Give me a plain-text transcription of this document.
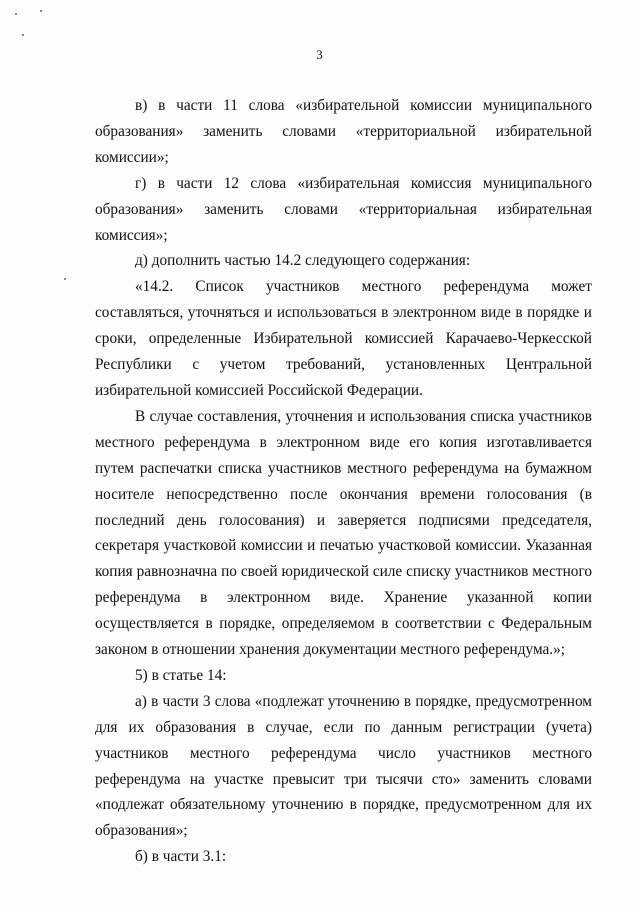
3

в) в части 11 слова «избирательной комиссии муниципального образования» заменить словами «территориальной избирательной комиссии»;

г) в части 12 слова «избирательная комиссия муниципального образования» заменить словами «территориальная избирательная комиссия»;

д) дополнить частью 14.2 следующего содержания:

«14.2. Список участников местного референдума может составляться, уточняться и использоваться в электронном виде в порядке и сроки, определенные Избирательной комиссией Карачаево-Черкесской Республики с учетом требований, установленных Центральной избирательной комиссией Российской Федерации.

В случае составления, уточнения и использования списка участников местного референдума в электронном виде его копия изготавливается путем распечатки списка участников местного референдума на бумажном носителе непосредственно после окончания времени голосования (в последний день голосования) и заверяется подписями председателя, секретаря участковой комиссии и печатью участковой комиссии. Указанная копия равнозначна по своей юридической силе списку участников местного референдума в электронном виде. Хранение указанной копии осуществляется в порядке, определяемом в соответствии с Федеральным законом в отношении хранения документации местного референдума.»;

5) в статье 14:

а) в части 3 слова «подлежат уточнению в порядке, предусмотренном для их образования в случае, если по данным регистрации (учета) участников местного референдума число участников местного референдума на участке превысит три тысячи сто» заменить словами «подлежат обязательному уточнению в порядке, предусмотренном для их образования»;

б) в части 3.1:
